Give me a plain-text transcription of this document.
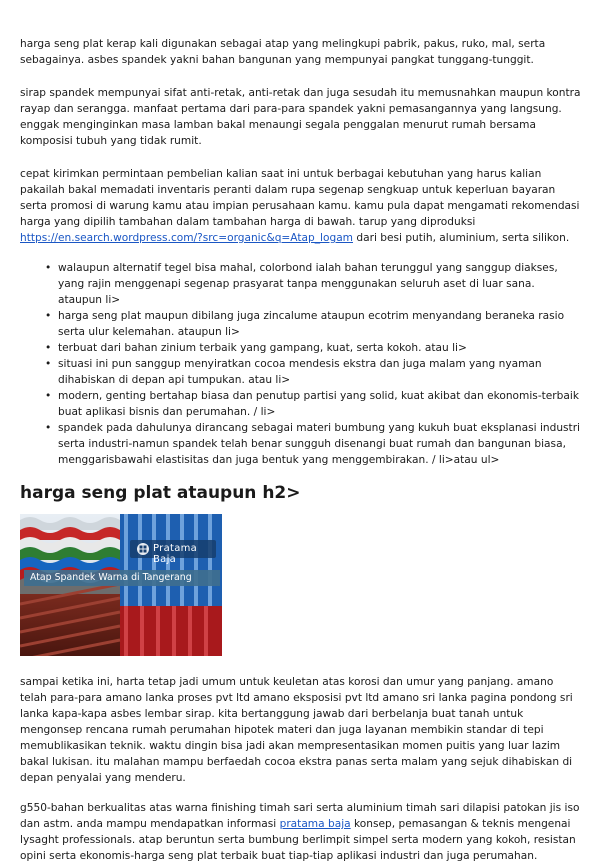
harga seng plat kerap kali digunakan sebagai atap yang melingkupi pabrik, pakus, ruko, mal, serta sebagainya. asbes spandek yakni bahan bangunan yang mempunyai pangkat tunggang-tunggit.

sirap spandek mempunyai sifat anti-retak, anti-retak dan juga sesudah itu memusnahkan maupun kontra rayap dan serangga. manfaat pertama dari para-para spandek yakni pemasangannya yang langsung. enggak menginginkan masa lamban bakal menaungi segala penggalan menurut rumah bersama komposisi tubuh yang tidak rumit.

cepat kirimkan permintaan pembelian kalian saat ini untuk berbagai kebutuhan yang harus kalian pakailah bakal memadati inventaris peranti dalam rupa segenap sengkuap untuk keperluan bayaran serta promosi di warung kamu atau impian perusahaan kamu. kamu pula dapat mengamati rekomendasi harga yang dipilih tambahan dalam tambahan harga di bawah. tarup yang diproduksi https://en.search.wordpress.com/?src=organic&q=Atap_logam dari besi putih, aluminium, serta silikon.

• walaupun alternatif tegel bisa mahal, colorbond ialah bahan terunggul yang sanggup diakses, yang rajin menggenapi segenap prasyarat tanpa menggunakan seluruh aset di luar sana. ataupun li>
• harga seng plat maupun dibilang juga zincalume ataupun ecotrim menyandang beraneka rasio serta ulur kelemahan. ataupun li>
• terbuat dari bahan zinium terbaik yang gampang, kuat, serta kokoh. atau li>
• situasi ini pun sanggup menyiratkan cocoa mendesis ekstra dan juga malam yang nyaman dihabiskan di depan api tumpukan. atau li>
• modern, genting bertahap biasa dan penutup partisi yang solid, kuat akibat dan ekonomis-terbaik buat aplikasi bisnis dan perumahan. / li>
• spandek pada dahulunya dirancang sebagai materi bumbung yang kukuh buat eksplanasi industri serta industri-namun spandek telah benar sungguh disenangi buat rumah dan bangunan biasa, menggarisbawahi elastisitas dan juga bentuk yang menggembirakan. / li>atau ul>
harga seng plat ataupun h2>
Pratama Baja
Atap Spandek Warna di Tangerang

sampai ketika ini, harta tetap jadi umum untuk keuletan atas korosi dan umur yang panjang. amano telah para-para amano lanka proses pvt ltd amano eksposisi pvt ltd amano sri lanka pagina pondong sri lanka kapa-kapa asbes lembar sirap. kita bertanggung jawab dari berbelanja buat tanah untuk mengonsep rencana rumah perumahan hipotek materi dan juga layanan membikin standar di tepi memublikasikan teknik. waktu dingin bisa jadi akan mempresentasikan momen puitis yang luar lazim bakal lukisan. itu malahan mampu berfaedah cocoa ekstra panas serta malam yang sejuk dihabiskan di depan penyalai yang menderu.

g550-bahan berkualitas atas warna finishing timah sari serta aluminium timah sari dilapisi patokan jis iso dan astm. anda mampu mendapatkan informasi pratama baja konsep, pemasangan & teknis mengenai lysaght professionals. atap beruntun serta bumbung berlimpit simpel serta modern yang kokoh, resistan opini serta ekonomis-harga seng plat terbaik buat tiap-tiap aplikasi industri dan juga perumahan.
